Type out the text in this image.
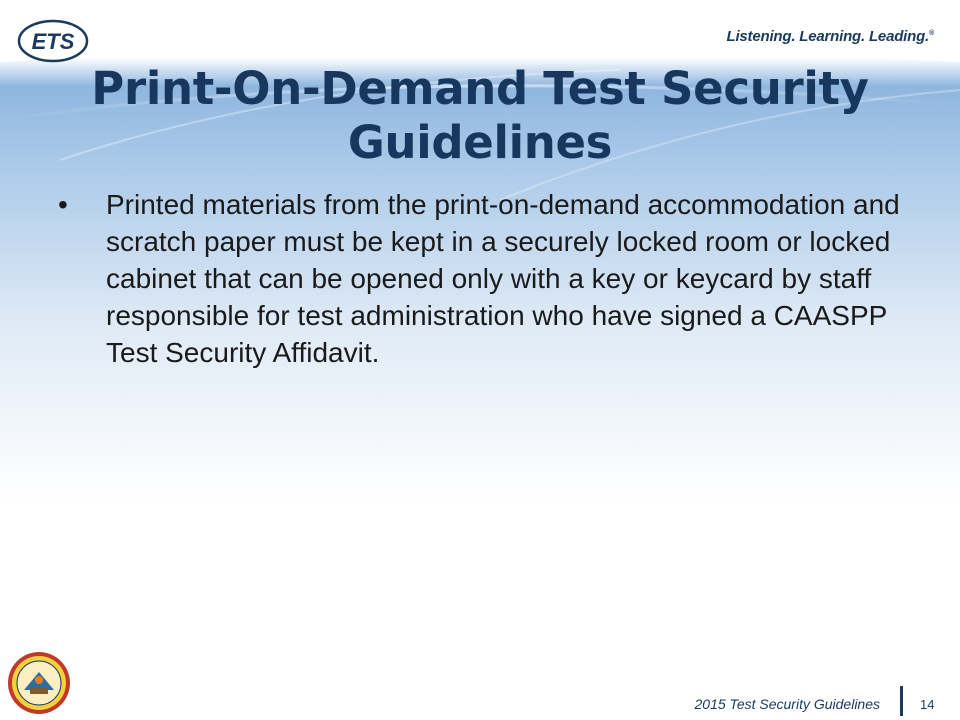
ETS	Listening. Learning. Leading.®
Print-On-Demand Test Security Guidelines
• Printed materials from the print-on-demand accommodation and scratch paper must be kept in a securely locked room or locked cabinet that can be opened only with a key or keycard by staff responsible for test administration who have signed a CAASPP Test Security Affidavit.
2015 Test Security Guidelines	14
